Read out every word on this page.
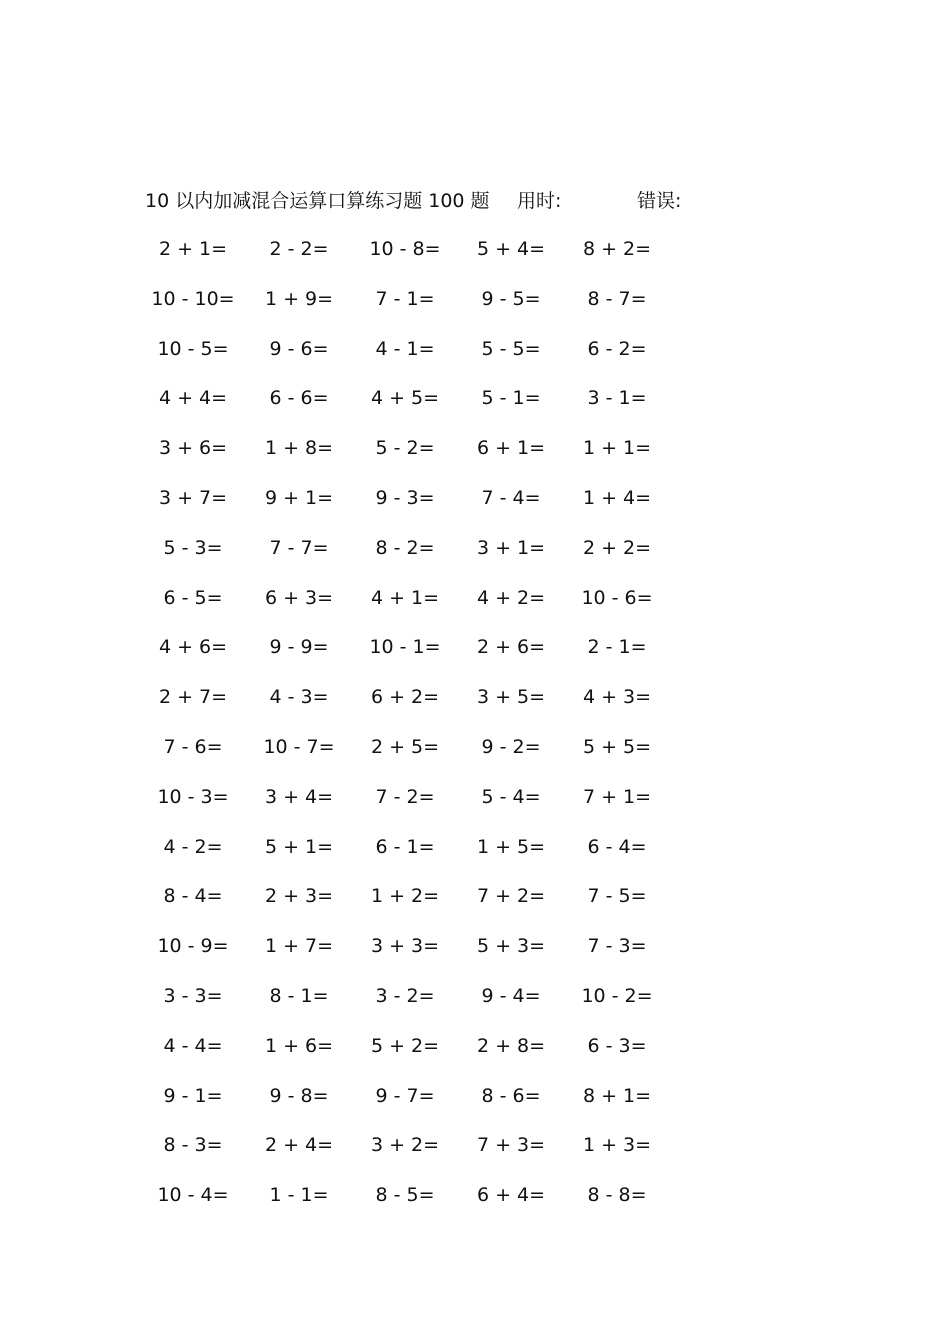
10 以内加减混合运算口算练习题 100 题 用时:	错误:
2 + 1=	2 - 2=	10 - 8=	5 + 4=	8 + 2=
10 - 10=	1 + 9=	7 - 1=	9 - 5=	8 - 7=
10 - 5=	9 - 6=	4 - 1=	5 - 5=	6 - 2=
4 + 4=	6 - 6=	4 + 5=	5 - 1=	3 - 1=
3 + 6=	1 + 8=	5 - 2=	6 + 1=	1 + 1=
3 + 7=	9 + 1=	9 - 3=	7 - 4=	1 + 4=
5 - 3=	7 - 7=	8 - 2=	3 + 1=	2 + 2=
6 - 5=	6 + 3=	4 + 1=	4 + 2=	10 - 6=
4 + 6=	9 - 9=	10 - 1=	2 + 6=	2 - 1=
2 + 7=	4 - 3=	6 + 2=	3 + 5=	4 + 3=
7 - 6=	10 - 7=	2 + 5=	9 - 2=	5 + 5=
10 - 3=	3 + 4=	7 - 2=	5 - 4=	7 + 1=
4 - 2=	5 + 1=	6 - 1=	1 + 5=	6 - 4=
8 - 4=	2 + 3=	1 + 2=	7 + 2=	7 - 5=
10 - 9=	1 + 7=	3 + 3=	5 + 3=	7 - 3=
3 - 3=	8 - 1=	3 - 2=	9 - 4=	10 - 2=
4 - 4=	1 + 6=	5 + 2=	2 + 8=	6 - 3=
9 - 1=	9 - 8=	9 - 7=	8 - 6=	8 + 1=
8 - 3=	2 + 4=	3 + 2=	7 + 3=	1 + 3=
10 - 4=	1 - 1=	8 - 5=	6 + 4=	8 - 8=
